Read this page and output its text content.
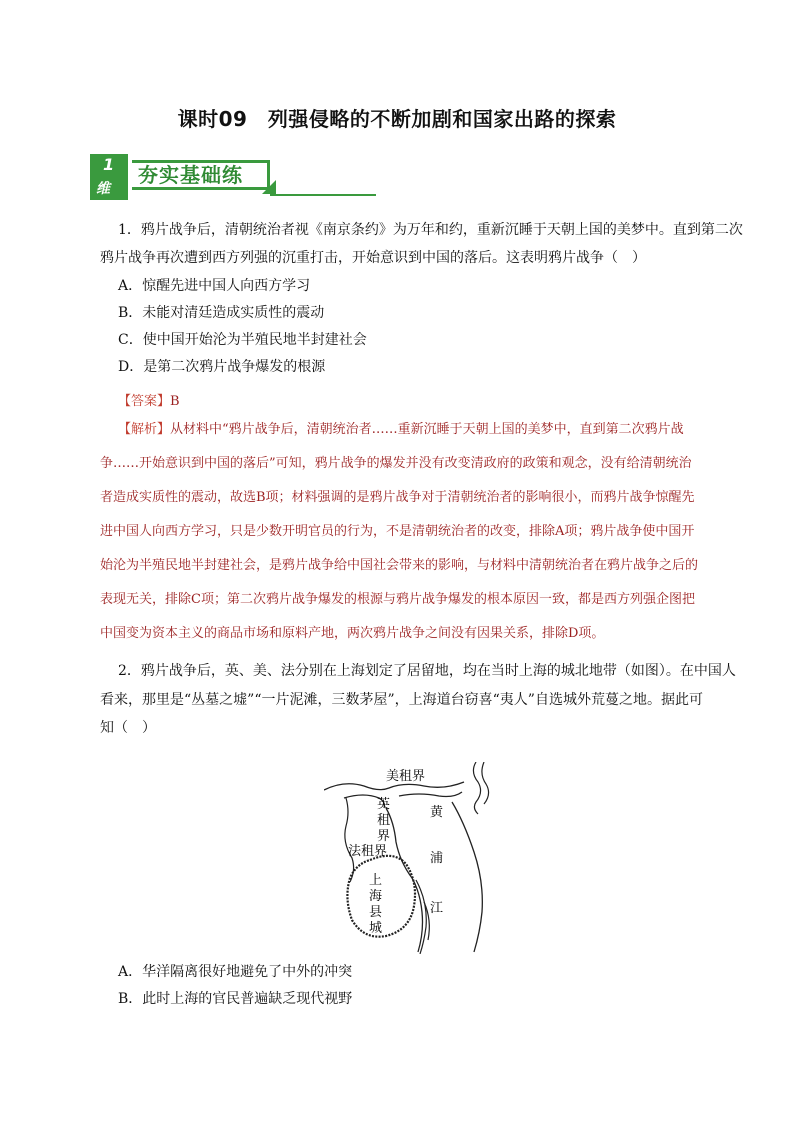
课时09　列强侵略的不断加剧和国家出路的探索
1
维
夯实基础练
1．鸦片战争后，清朝统治者视《南京条约》为万年和约，重新沉睡于天朝上国的美梦中。直到第二次
鸦片战争再次遭到西方列强的沉重打击，开始意识到中国的落后。这表明鸦片战争（　）
A．惊醒先进中国人向西方学习
B．未能对清廷造成实质性的震动
C．使中国开始沦为半殖民地半封建社会
D．是第二次鸦片战争爆发的根源
【答案】B
【解析】从材料中“鸦片战争后，清朝统治者……重新沉睡于天朝上国的美梦中，直到第二次鸦片战
争……开始意识到中国的落后”可知，鸦片战争的爆发并没有改变清政府的政策和观念，没有给清朝统治
者造成实质性的震动，故选B项；材料强调的是鸦片战争对于清朝统治者的影响很小，而鸦片战争惊醒先
进中国人向西方学习，只是少数开明官员的行为，不是清朝统治者的改变，排除A项；鸦片战争使中国开
始沦为半殖民地半封建社会，是鸦片战争给中国社会带来的影响，与材料中清朝统治者在鸦片战争之后的
表现无关，排除C项；第二次鸦片战争爆发的根源与鸦片战争爆发的根本原因一致，都是西方列强企图把
中国变为资本主义的商品市场和原料产地，两次鸦片战争之间没有因果关系，排除D项。
2．鸦片战争后，英、美、法分别在上海划定了居留地，均在当时上海的城北地带（如图）。在中国人
看来，那里是“丛墓之墟”“一片泥滩，三数茅屋”，上海道台窃喜“夷人”自选城外荒蔓之地。据此可
知（　）
美租界
英
租
界
法租界
上
海
县
城
黄
浦
江
A．华洋隔离很好地避免了中外的冲突
B．此时上海的官民普遍缺乏现代视野
